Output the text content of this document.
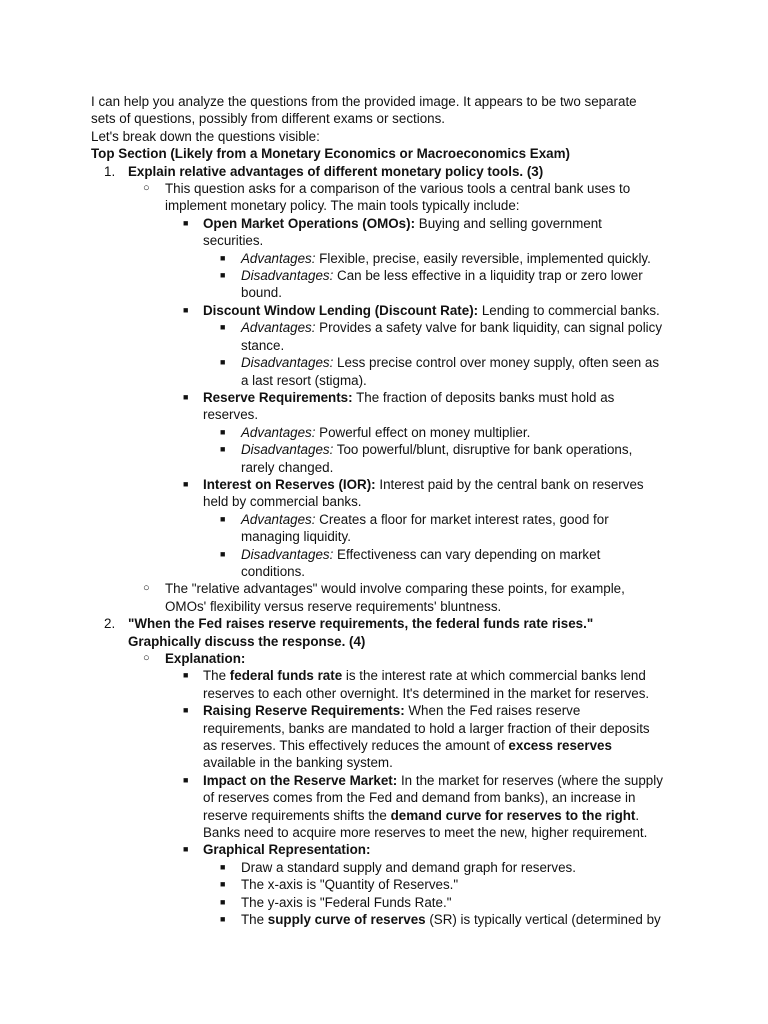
I can help you analyze the questions from the provided image. It appears to be two separate

sets of questions, possibly from different exams or sections.

Let's break down the questions visible:

Top Section (Likely from a Monetary Economics or Macroeconomics Exam)

1. Explain relative advantages of different monetary policy tools. (3)
○ This question asks for a comparison of the various tools a central bank uses to
implement monetary policy. The main tools typically include:
■ Open Market Operations (OMOs): Buying and selling government
securities.
■ Advantages: Flexible, precise, easily reversible, implemented quickly.
■ Disadvantages: Can be less effective in a liquidity trap or zero lower
bound.
■ Discount Window Lending (Discount Rate): Lending to commercial banks.
■ Advantages: Provides a safety valve for bank liquidity, can signal policy
stance.
■ Disadvantages: Less precise control over money supply, often seen as
a last resort (stigma).
■ Reserve Requirements: The fraction of deposits banks must hold as
reserves.
■ Advantages: Powerful effect on money multiplier.
■ Disadvantages: Too powerful/blunt, disruptive for bank operations,
rarely changed.
■ Interest on Reserves (IOR): Interest paid by the central bank on reserves
held by commercial banks.
■ Advantages: Creates a floor for market interest rates, good for
managing liquidity.
■ Disadvantages: Effectiveness can vary depending on market
conditions.
○ The "relative advantages" would involve comparing these points, for example,
OMOs' flexibility versus reserve requirements' bluntness.
2. "When the Fed raises reserve requirements, the federal funds rate rises."
Graphically discuss the response. (4)
○ Explanation:
■ The federal funds rate is the interest rate at which commercial banks lend
reserves to each other overnight. It's determined in the market for reserves.
■ Raising Reserve Requirements: When the Fed raises reserve
requirements, banks are mandated to hold a larger fraction of their deposits
as reserves. This effectively reduces the amount of excess reserves
available in the banking system.
■ Impact on the Reserve Market: In the market for reserves (where the supply
of reserves comes from the Fed and demand from banks), an increase in
reserve requirements shifts the demand curve for reserves to the right.
Banks need to acquire more reserves to meet the new, higher requirement.
■ Graphical Representation:
■ Draw a standard supply and demand graph for reserves.
■ The x-axis is "Quantity of Reserves."
■ The y-axis is "Federal Funds Rate."
■ The supply curve of reserves (SR) is typically vertical (determined by
